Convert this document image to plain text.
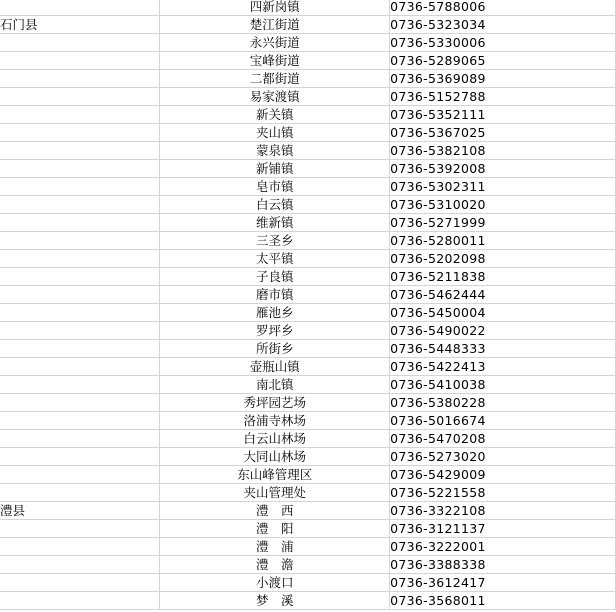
	四新岗镇	0736-5788006
石门县	楚江街道	0736-5323034
	永兴街道	0736-5330006
	宝峰街道	0736-5289065
	二都街道	0736-5369089
	易家渡镇	0736-5152788
	新关镇	0736-5352111
	夹山镇	0736-5367025
	蒙泉镇	0736-5382108
	新铺镇	0736-5392008
	皂市镇	0736-5302311
	白云镇	0736-5310020
	维新镇	0736-5271999
	三圣乡	0736-5280011
	太平镇	0736-5202098
	子良镇	0736-5211838
	磨市镇	0736-5462444
	雁池乡	0736-5450004
	罗坪乡	0736-5490022
	所街乡	0736-5448333
	壶瓶山镇	0736-5422413
	南北镇	0736-5410038
	秀坪园艺场	0736-5380228
	洛浦寺林场	0736-5016674
	白云山林场	0736-5470208
	大同山林场	0736-5273020
	东山峰管理区	0736-5429009
	夹山管理处	0736-5221558
澧县	澧　西	0736-3322108
	澧　阳	0736-3121137
	澧　浦	0736-3222001
	澧　澹	0736-3388338
	小渡口	0736-3612417
	梦　溪	0736-3568011
